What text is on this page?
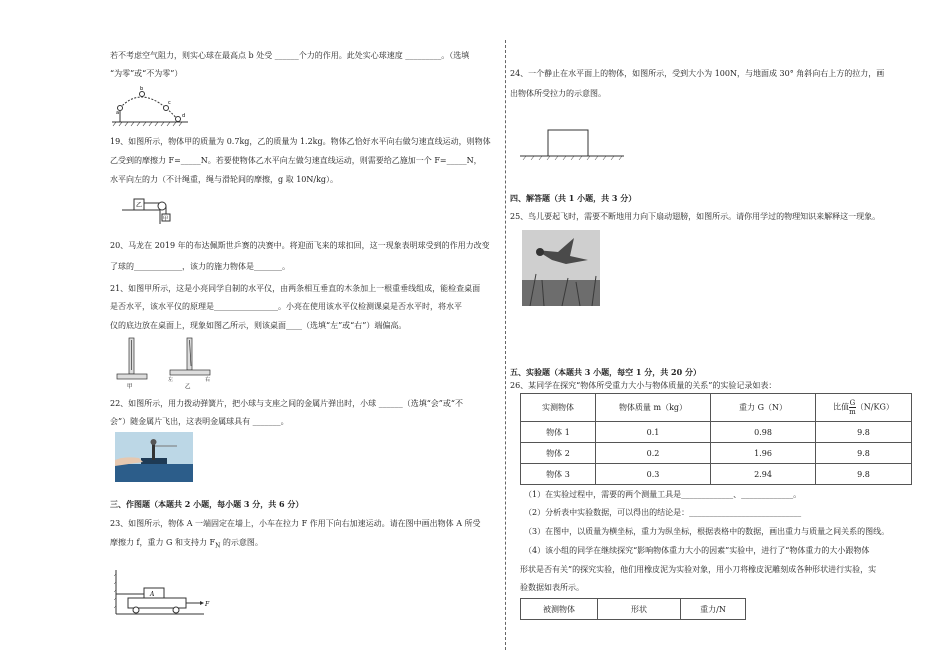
若不考虑空气阻力，则实心球在最高点 b 处受 ______个力的作用。此处实心球速度 _________。（选填
“为零”或“不为零”）
a
b
c
d
19、如图所示，物体甲的质量为 0.7kg，乙的质量为 1.2kg。物体乙恰好水平向右做匀速直线运动，则物体
乙受到的摩擦力 F=_____N。若要使物体乙水平向左做匀速直线运动，则需要给乙施加一个 F=_____N，
水平向左的力（不计绳重，绳与滑轮间的摩擦，g 取 10N/kg）。
乙
甲
20、马龙在 2019 年的布达佩斯世乒赛的决赛中。将迎面飞来的球扣回，这一现象表明球受到的作用力改变
了球的____________，该力的施力物体是_______。
21、如图甲所示，这是小亮同学自制的水平仪，由两条相互垂直的木条加上一根重垂线组成，能检查桌面
是否水平，该水平仪的原理是________________。小亮在使用该水平仪检测课桌是否水平时，将水平
仪的底边放在桌面上，现象如图乙所示，则该桌面____（选填“左”或“右”）端偏高。
甲
左
乙
右
22、如图所示，用力拨动弹簧片，把小球与支座之间的金属片弹出时，小球 ______（选填“会”或“不
会”）随金属片飞出，这表明金属球具有 _______。
三、作图题（本题共 2 小题，每小题 3 分，共 6 分）
23、如图所示，物体 A 一端固定在墙上，小车在拉力 F 作用下向右加速运动。请在图中画出物体 A 所受
摩擦力 f，重力 G 和支持力 $F_N$ 的示意图。
A
F
24、一个静止在水平面上的物体，如图所示，受到大小为 100N，与地面成 30° 角斜向右上方的拉力，画
出物体所受拉力的示意图。
四、解答题（共 1 小题，共 3 分）
25、鸟儿要起飞时，需要不断地用力向下扇动翅膀，如图所示。请你用学过的物理知识来解释这一现象。
五、实验题（本题共 3 小题，每空 1 分，共 20 分）
26、某同学在探究“物体所受重力大小与物体质量的关系”的实验记录如表：
实测物体	物体质量 m（kg）	重力 G（N）	比值 $\frac{G}{m} (N/KG)$
物体 1	0.1	0.98	9.8
物体 2	0.2	1.96	9.8
物体 3	0.3	2.94	9.8
（1）在实验过程中，需要的两个测量工具是_____________、_____________。
（2）分析表中实验数据，可以得出的结论是：____________________________
（3）在图中，以质量为横坐标，重力为纵坐标，根据表格中的数据，画出重力与质量之间关系的图线。
（4）该小组的同学在继续探究“影响物体重力大小的因素”实验中，进行了“物体重力的大小跟物体
形状是否有关”的探究实验，他们用橡皮泥为实验对象，用小刀将橡皮泥雕刻成各种形状进行实验，实
验数据如表所示。
被测物体	形状	重力/N
